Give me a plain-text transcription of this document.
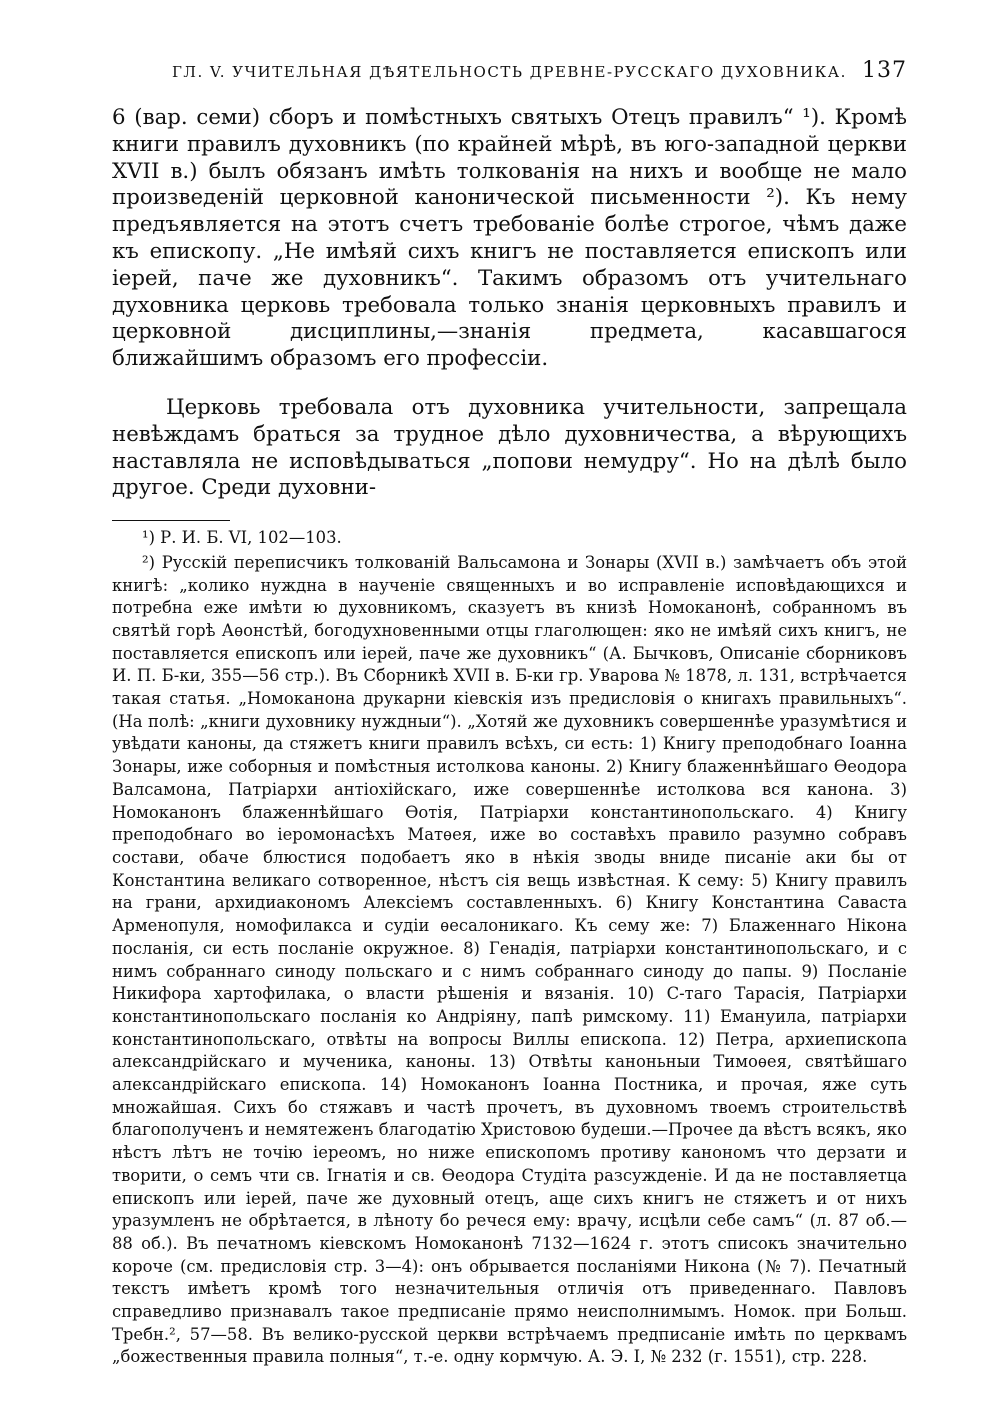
ГЛ. V. УЧИТЕЛЬНАЯ ДѢЯТЕЛЬНОСТЬ ДРЕВНЕ-РУССКАГО ДУХОВНИКА. 137

6 (вар. семи) сборъ и помѣстныхъ святыхъ Отецъ правилъ“ ¹). Кромѣ книги правилъ духовникъ (по крайней мѣрѣ, въ юго-западной церкви XVII в.) былъ обязанъ имѣть толкованія на нихъ и вообще не мало произведеній церковной канонической письменности ²). Къ нему предъявляется на этотъ счетъ требованіе болѣе строгое, чѣмъ даже къ епископу. „Не имѣяй сихъ книгъ не поставляется епископъ или іерей, паче же духовникъ“. Такимъ образомъ отъ учительнаго духовника церковь требовала только знанія церковныхъ правилъ и церковной дисциплины,—знанія предмета, касавшагося ближайшимъ образомъ его профессіи.

Церковь требовала отъ духовника учительности, запрещала невѣждамъ браться за трудное дѣло духовничества, а вѣрующихъ наставляла не исповѣдываться „попови немудру“. Но на дѣлѣ было другое. Среди духовни-

¹) Р. И. Б. VI, 102—103.

²) Русскій переписчикъ толкованій Вальсамона и Зонары (XVII в.) замѣчаетъ объ этой книгѣ: „колико нуждна в наученіе священныхъ и во исправленіе исповѣдающихся и потребна еже имѣти ю духовникомъ, сказуетъ въ книзѣ Номоканонѣ, собранномъ въ святѣй горѣ Аѳонстѣй, богодухновенными отцы глаголющен: яко не имѣяй сихъ книгъ, не поставляется епископъ или іерей, паче же духовникъ“ (А. Бычковъ, Описаніе сборниковъ И. П. Б-ки, 355—56 стр.). Въ Сборникѣ XVII в. Б-ки гр. Уварова № 1878, л. 131, встрѣчается такая статья. „Номоканона друкарни кіевскія изъ предисловія о книгахъ правильныхъ“. (На полѣ: „книги духовнику нуждныи“). „Хотяй же духовникъ совершеннѣе уразумѣтися и увѣдати каноны, да стяжетъ книги правилъ всѣхъ, си есть: 1) Книгу преподобнаго Іоанна Зонары, иже соборныя и помѣстныя истолкова каноны. 2) Книгу блаженнѣйшаго Ѳеодора Валсамона, Патріархи антіохійскаго, иже совершеннѣе истолкова вся канона. 3) Номоканонъ блаженнѣйшаго Ѳотія, Патріархи константинопольскаго. 4) Книгу преподобнаго во іеромонасѣхъ Матѳея, иже во составѣхъ правило разумно собравъ состави, обаче блюстися подобаетъ яко в нѣкія зводы вниде писаніе аки бы от Константина великаго сотворенное, нѣстъ сія вещь извѣстная. К сему: 5) Книгу правилъ на грани, архидиакономъ Алексіемъ составленныхъ. 6) Книгу Константина Саваста Арменопуля, номофилакса и судіи ѳесалоникаго. Къ сему же: 7) Блаженнаго Нікона посланія, си есть посланіе окружное. 8) Генадія, патріархи константинопольскаго, и с нимъ собраннаго синоду польскаго и с нимъ собраннаго синоду до папы. 9) Посланіе Никифора хартофилака, о власти рѣшенія и вязанія. 10) С-таго Тарасія, Патріархи константинопольскаго посланія ко Андріяну, папѣ римскому. 11) Емануила, патріархи константинопольскаго, отвѣты на вопросы Виллы епископа. 12) Петра, архиепископа александрійскаго и мученика, каноны. 13) Отвѣты каноньныи Тимоѳея, святѣйшаго александрійскаго епископа. 14) Номоканонъ Іоанна Постника, и прочая, яже суть множайшая. Сихъ бо стяжавъ и частѣ прочетъ, въ духовномъ твоемъ строительствѣ благополученъ и немятеженъ благодатію Христовою будеши.—Прочее да вѣстъ всякъ, яко нѣстъ лѣтъ не точію іереомъ, но ниже епископомъ противу канономъ что дерзати и творити, о семъ чти св. Ігнатія и св. Ѳеодора Студіта разсужденіе. И да не поставляетца епископъ или іерей, паче же духовный отецъ, аще сихъ книгъ не стяжетъ и от нихъ уразумленъ не обрѣтается, в лѣноту бо речеся ему: врачу, исцѣли себе самъ“ (л. 87 об.—88 об.). Въ печатномъ кіевскомъ Номоканонѣ 7132—1624 г. этотъ списокъ значительно короче (см. предисловія стр. 3—4): онъ обрывается посланіями Никона (№ 7). Печатный текстъ имѣетъ кромѣ того незначительныя отличія отъ приведеннаго. Павловъ справедливо признавалъ такое предписаніе прямо неисполнимымъ. Номок. при Больш. Требн.², 57—58. Въ велико-русской церкви встрѣчаемъ предписаніе имѣть по церквамъ „божественныя правила полныя“, т.-е. одну кормчую. А. Э. I, № 232 (г. 1551), стр. 228.
